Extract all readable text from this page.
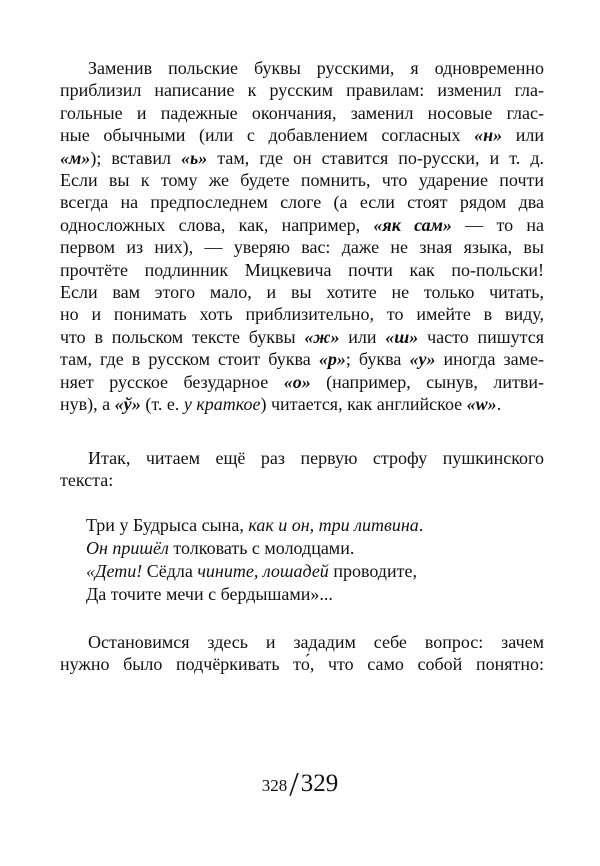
Заменив польские буквы русскими, я одновременно
приблизил написание к русским правилам: изменил гла-
гольные и падежные окончания, заменил носовые глас-
ные обычными (или с добавлением согласных «н» или
«м»); вставил «ь» там, где он ставится по-русски, и т. д.
Если вы к тому же будете помнить, что ударение почти
всегда на предпоследнем слоге (а если стоят рядом два
односложных слова, как, например, «як сам» — то на
первом из них), — уверяю вас: даже не зная языка, вы
прочтёте подлинник Мицкевича почти как по-польски!
Если вам этого мало, и вы хотите не только читать,
но и понимать хоть приблизительно, то имейте в виду,
что в польском тексте буквы «ж» или «ш» часто пишутся
там, где в русском стоит буква «р»; буква «у» иногда заме-
няет русское безударное «о» (например, сынув, литви-
нув), а «ў» (т. е. у краткое) читается, как английское «w».
Итак, читаем ещё раз первую строфу пушкинского
текста:
Три у Будрыса сына, как и он, три литвина.
Он пришёл толковать с молодцами.
«Дети! Сёдла чините, лошадей проводите,
Да точите мечи с бердышами»...
Остановимся здесь и зададим себе вопрос: зачем
нужно было подчёркивать то́, что само собой понятно:
328/329
